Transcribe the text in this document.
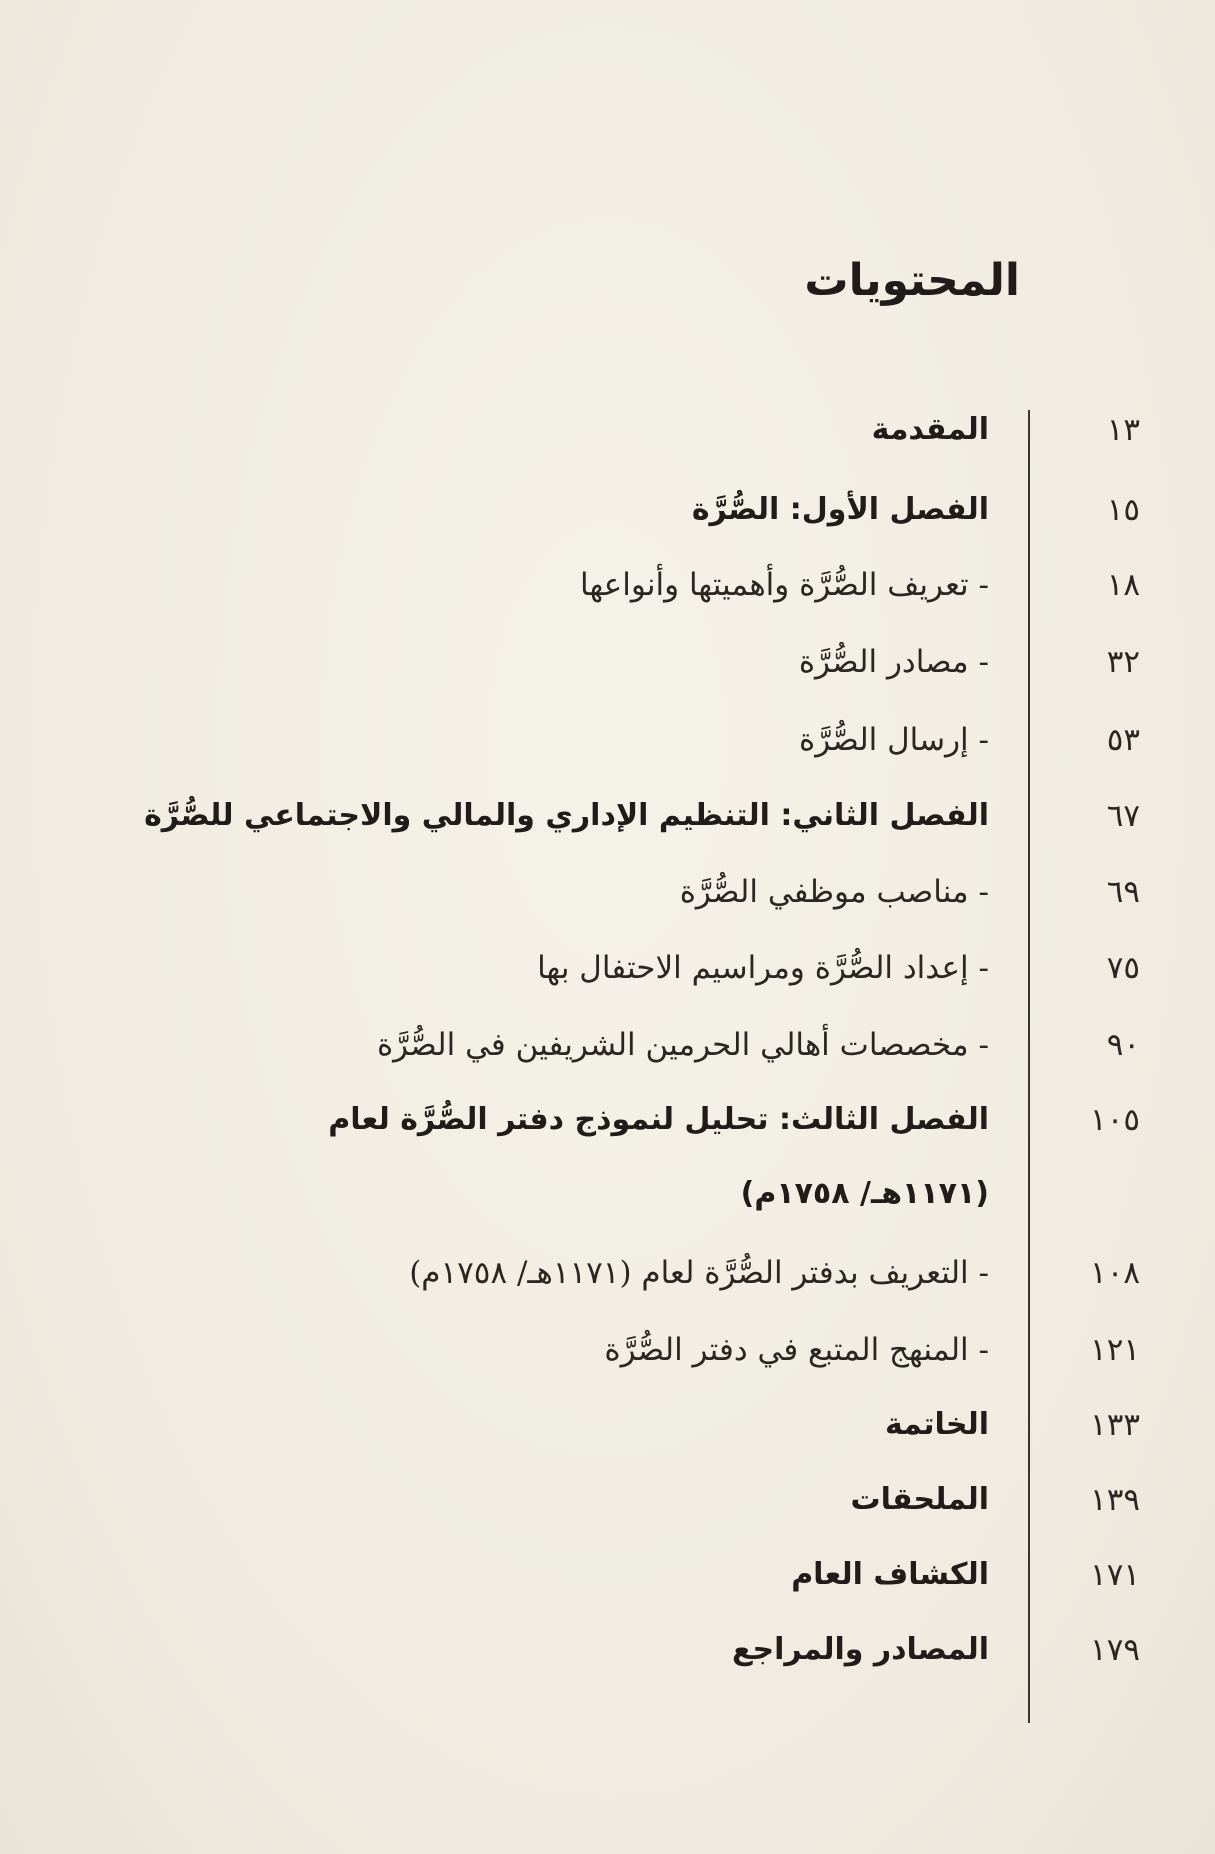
المحتويات
١٣
المقدمة
١٥
الفصل الأول: الصُّرَّة
١٨
- تعريف الصُّرَّة وأهميتها وأنواعها
٣٢
- مصادر الصُّرَّة
٥٣
- إرسال الصُّرَّة
٦٧
الفصل الثاني: التنظيم الإداري والمالي والاجتماعي للصُّرَّة
٦٩
- مناصب موظفي الصُّرَّة
٧٥
- إعداد الصُّرَّة ومراسيم الاحتفال بها
٩٠
- مخصصات أهالي الحرمين الشريفين في الصُّرَّة
١٠٥
الفصل الثالث: تحليل لنموذج دفتر الصُّرَّة لعام (١١٧١هـ/ ١٧٥٨م)
١٠٨
- التعريف بدفتر الصُّرَّة لعام (١١٧١هـ/ ١٧٥٨م)
١٢١
- المنهج المتبع في دفتر الصُّرَّة
١٣٣
الخاتمة
١٣٩
الملحقات
١٧١
الكشاف العام
١٧٩
المصادر والمراجع
